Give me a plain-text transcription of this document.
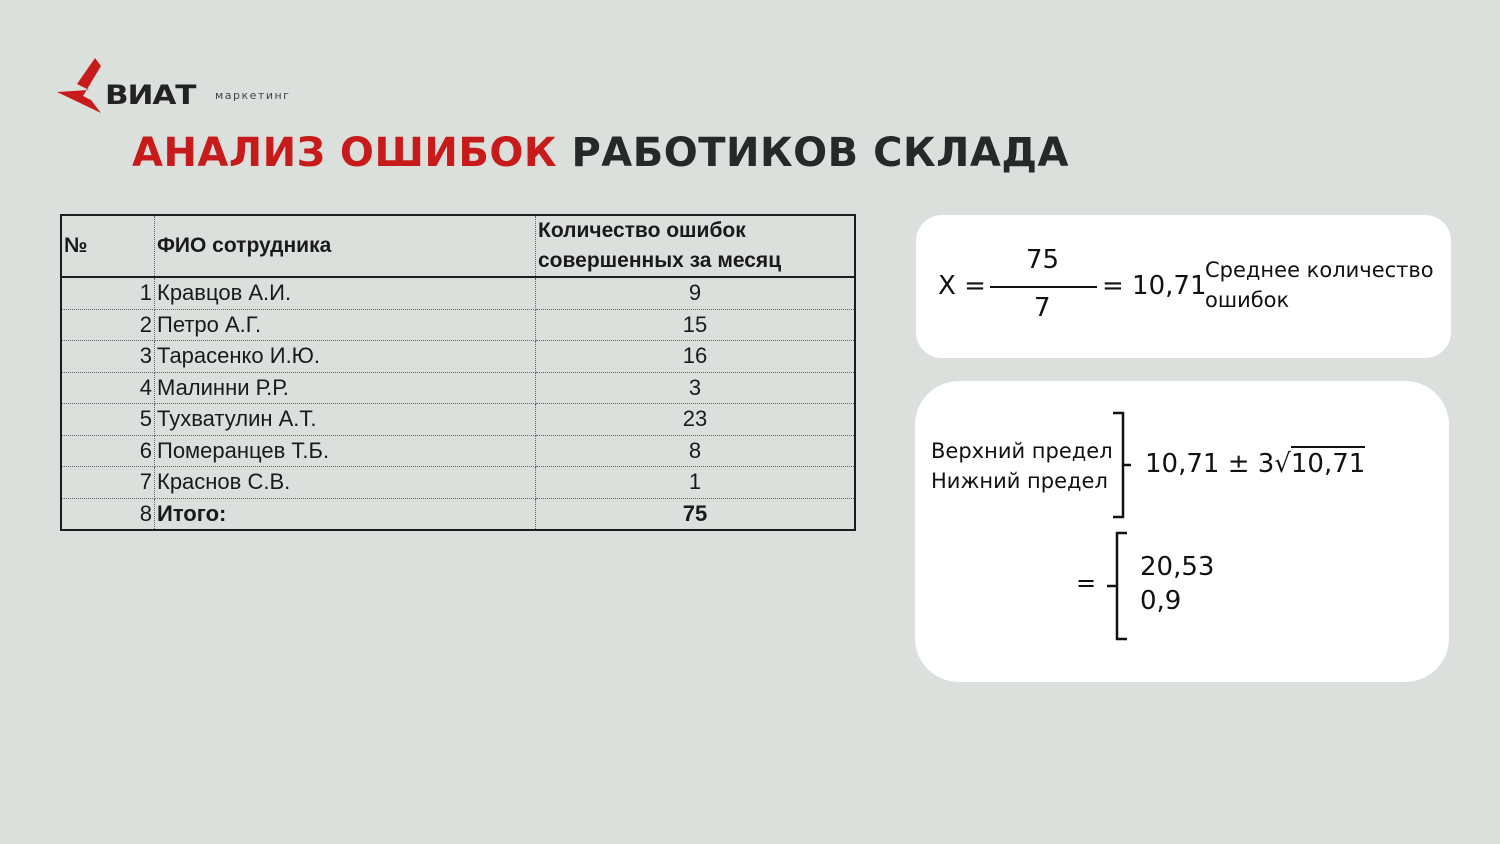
ВИАТ маркетинг
АНАЛИЗ ОШИБОК РАБОТИКОВ СКЛАДА
№	ФИО сотрудника	Количество ошибок
совершенных за месяц

1	Кравцов А.И.	9
2	Петро А.Г.	15
3	Тарасенко И.Ю.	16
4	Малинни Р.Р.	3
5	Тухватулин А.Т.	23
6	Померанцев Т.Б.	8
7	Краснов С.В.	1
8	Итого:	75
X =
75
7
= 10,71
Среднее количество
ошибок
Верхний предел
Нижний предел
10,71 ± 3√10,71
=
20,53
0,9
